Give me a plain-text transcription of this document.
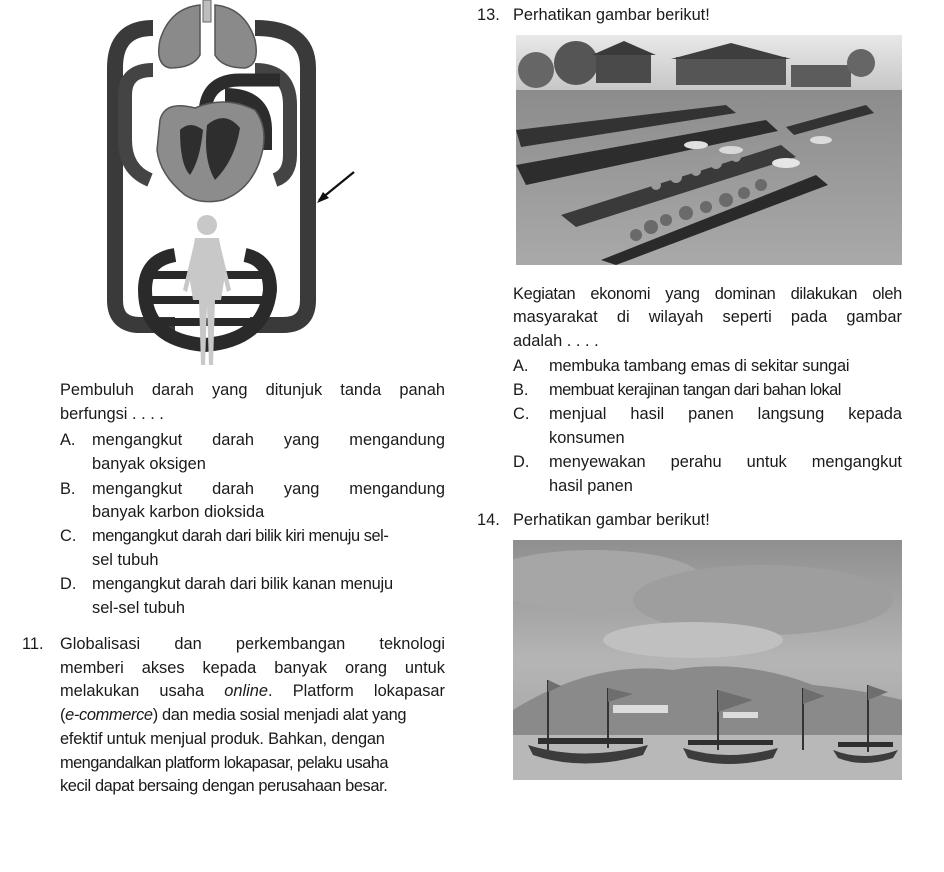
Pembuluh darah yang ditunjuk tanda panah
berfungsi . . . .
A. mengangkut darah yang mengandung
banyak oksigen
B. mengangkut darah yang mengandung
banyak karbon dioksida
C. mengangkut darah dari bilik kiri menuju sel-
sel tubuh
D. mengangkut darah dari bilik kanan menuju
sel-sel tubuh
11. Globalisasi dan perkembangan teknologi
memberi akses kepada banyak orang untuk
melakukan usaha online. Platform lokapasar
(e-commerce) dan media sosial menjadi alat yang
efektif untuk menjual produk. Bahkan, dengan
mengandalkan platform lokapasar, pelaku usaha
kecil dapat bersaing dengan perusahaan besar.
13. Perhatikan gambar berikut!
Kegiatan ekonomi yang dominan dilakukan oleh
masyarakat di wilayah seperti pada gambar
adalah . . . .
A. membuka tambang emas di sekitar sungai
B. membuat kerajinan tangan dari bahan lokal
C. menjual hasil panen langsung kepada
konsumen
D. menyewakan perahu untuk mengangkut
hasil panen
14. Perhatikan gambar berikut!
